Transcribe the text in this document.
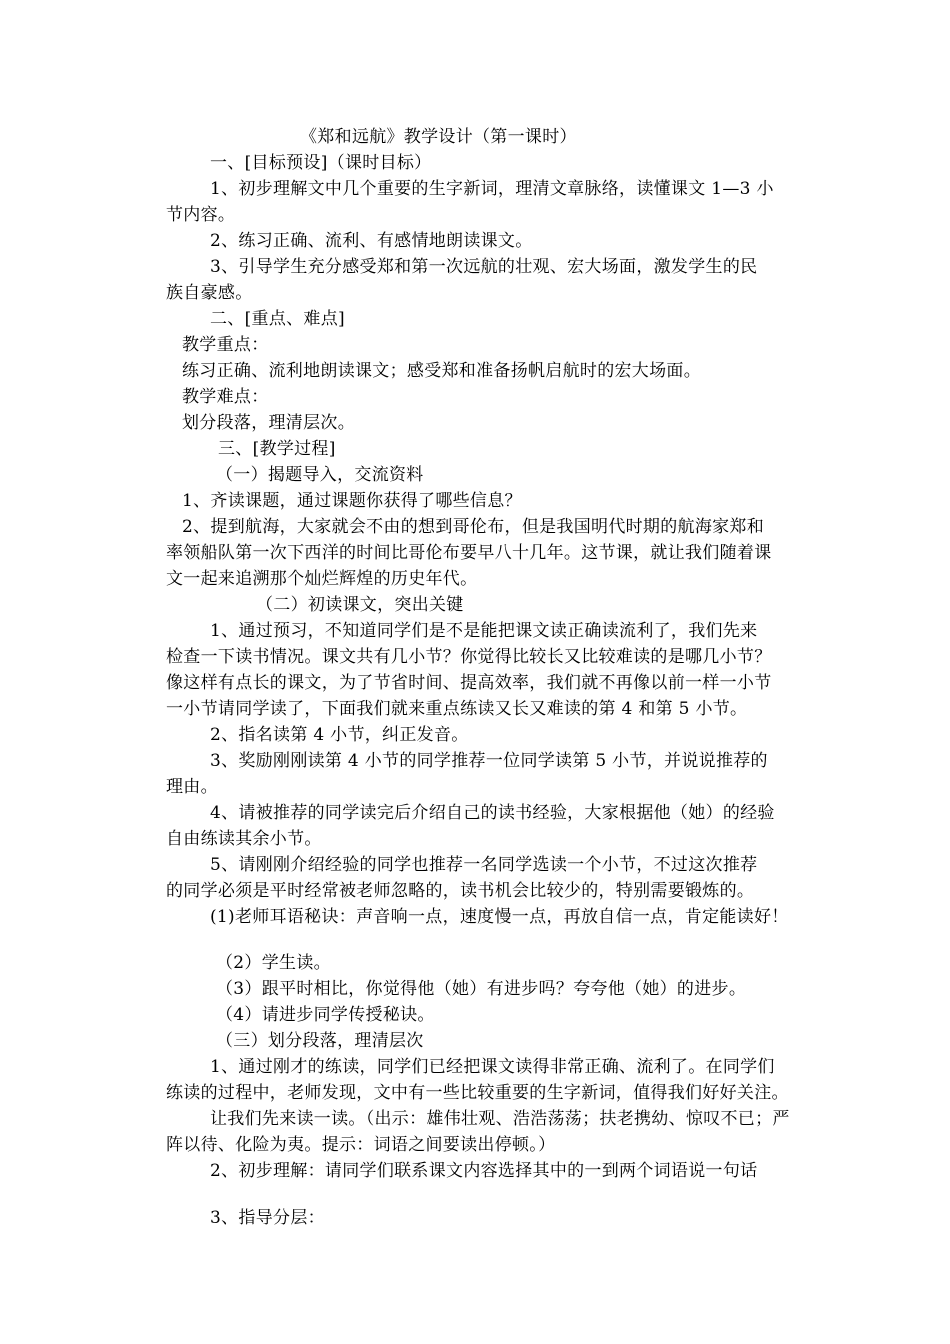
《郑和远航》教学设计（第一课时）
一、[目标预设]（课时目标）
1、初步理解文中几个重要的生字新词，理清文章脉络，读懂课文 1—3 小
节内容。
2、练习正确、流利、有感情地朗读课文。
3、引导学生充分感受郑和第一次远航的壮观、宏大场面，激发学生的民
族自豪感。
二、[重点、难点]
教学重点：
练习正确、流利地朗读课文；感受郑和准备扬帆启航时的宏大场面。
教学难点：
划分段落，理清层次。
三、[教学过程]
（一）揭题导入，交流资料
1、齐读课题，通过课题你获得了哪些信息？
2、提到航海，大家就会不由的想到哥伦布，但是我国明代时期的航海家郑和
率领船队第一次下西洋的时间比哥伦布要早八十几年。这节课，就让我们随着课
文一起来追溯那个灿烂辉煌的历史年代。
（二）初读课文，突出关键
1、通过预习，不知道同学们是不是能把课文读正确读流利了，我们先来
检查一下读书情况。课文共有几小节？你觉得比较长又比较难读的是哪几小节？
像这样有点长的课文，为了节省时间、提高效率，我们就不再像以前一样一小节
一小节请同学读了，下面我们就来重点练读又长又难读的第 4 和第 5 小节。
2、指名读第 4 小节，纠正发音。
3、奖励刚刚读第 4 小节的同学推荐一位同学读第 5 小节，并说说推荐的
理由。
4、请被推荐的同学读完后介绍自己的读书经验，大家根据他（她）的经验
自由练读其余小节。
5、请刚刚介绍经验的同学也推荐一名同学选读一个小节，不过这次推荐
的同学必须是平时经常被老师忽略的，读书机会比较少的，特别需要锻炼的。
(1)老师耳语秘诀：声音响一点，速度慢一点，再放自信一点，肯定能读好！
（2）学生读。
（3）跟平时相比，你觉得他（她）有进步吗？夸夸他（她）的进步。
（4）请进步同学传授秘诀。
（三）划分段落，理清层次
1、通过刚才的练读，同学们已经把课文读得非常正确、流利了。在同学们
练读的过程中，老师发现，文中有一些比较重要的生字新词，值得我们好好关注。
让我们先来读一读。（出示：雄伟壮观、浩浩荡荡；扶老携幼、惊叹不已；严
阵以待、化险为夷。提示：词语之间要读出停顿。）
2、初步理解：请同学们联系课文内容选择其中的一到两个词语说一句话
3、指导分层：
